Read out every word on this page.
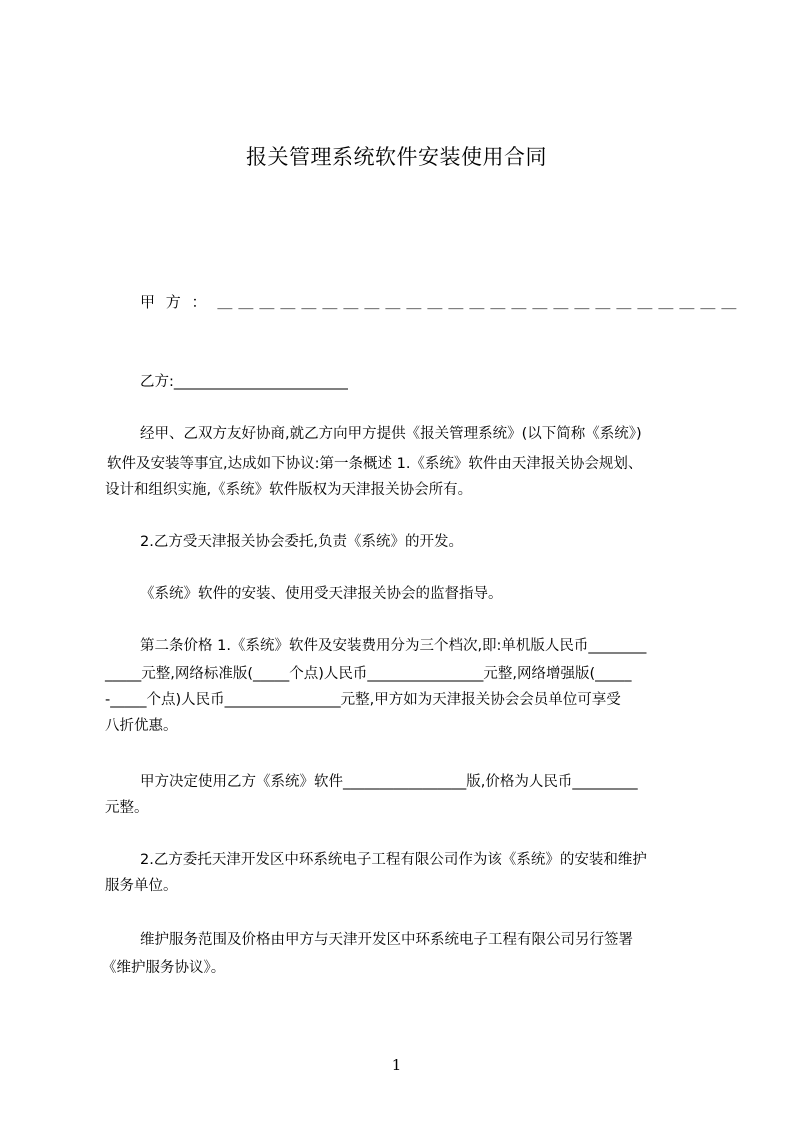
报关管理系统软件安装使用合同
甲 方 ： ＿＿＿＿＿＿＿＿＿＿＿＿＿＿＿＿＿＿＿＿＿＿＿＿＿

乙方:________________________

经甲、乙双方友好协商,就乙方向甲方提供《报关管理系统》(以下简称《系统》)

软件及安装等事宜,达成如下协议:第一条概述 1.《系统》软件由天津报关协会规划、

设计和组织实施,《系统》软件版权为天津报关协会所有。

2.乙方受天津报关协会委托,负责《系统》的开发。

《系统》软件的安装、使用受天津报关协会的监督指导。

第二条价格 1.《系统》软件及安装费用分为三个档次,即:单机版人民币________

_____元整,网络标准版(_____个点)人民币________________元整,网络增强版(_____

-_____个点)人民币________________元整,甲方如为天津报关协会会员单位可享受

八折优惠。

甲方决定使用乙方《系统》软件_________________版,价格为人民币_________

元整。

2.乙方委托天津开发区中环系统电子工程有限公司作为该《系统》的安装和维护

服务单位。

维护服务范围及价格由甲方与天津开发区中环系统电子工程有限公司另行签署

《维护服务协议》。

1
